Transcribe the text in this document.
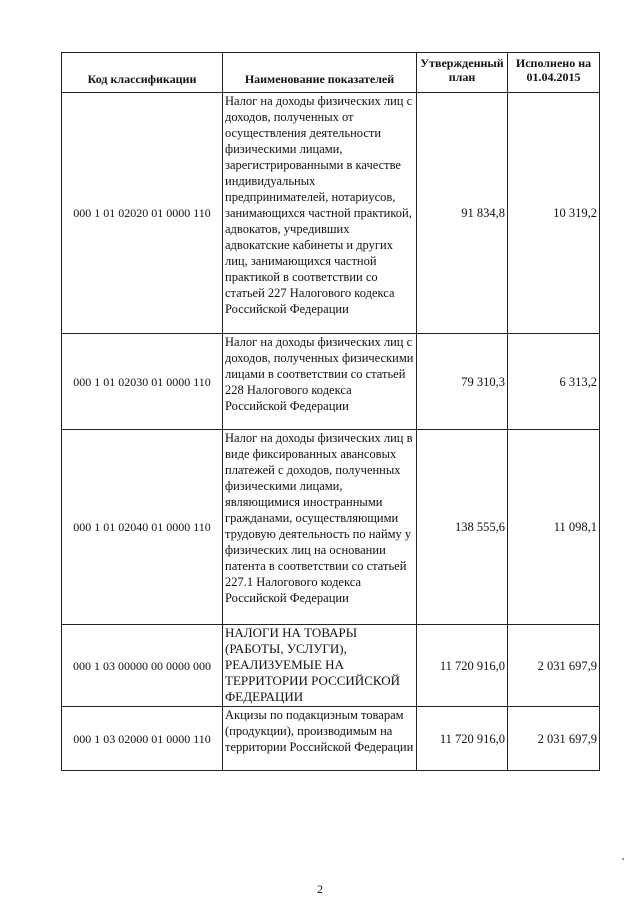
Код классификации	Наименование показателей	Утвержденный план	Исполнено на 01.04.2015
000 1 01 02020 01 0000 110	Налог на доходы физических лиц с доходов, полученных от осуществления деятельности физическими лицами, зарегистрированными в качестве индивидуальных предпринимателей, нотариусов, занимающихся частной практикой, адвокатов, учредивших адвокатские кабинеты и других лиц, занимающихся частной практикой в соответствии со статьей 227 Налогового кодекса Российской Федерации	91 834,8	10 319,2
000 1 01 02030 01 0000 110	Налог на доходы физических лиц с доходов, полученных физическими лицами в соответствии со статьей 228 Налогового кодекса Российской Федерации	79 310,3	6 313,2
000 1 01 02040 01 0000 110	Налог на доходы физических лиц в виде фиксированных авансовых платежей с доходов, полученных физическими лицами, являющимися иностранными гражданами, осуществляющими трудовую деятельность по найму у физических лиц на основании патента в соответствии со статьей 227.1 Налогового кодекса Российской Федерации	138 555,6	11 098,1
000 1 03 00000 00 0000 000	НАЛОГИ НА ТОВАРЫ (РАБОТЫ, УСЛУГИ), РЕАЛИЗУЕМЫЕ НА ТЕРРИТОРИИ РОССИЙСКОЙ ФЕДЕРАЦИИ	11 720 916,0	2 031 697,9
000 1 03 02000 01 0000 110	Акцизы по подакцизным товарам (продукции), производимым на территории Российской Федерации	11 720 916,0	2 031 697,9
2
